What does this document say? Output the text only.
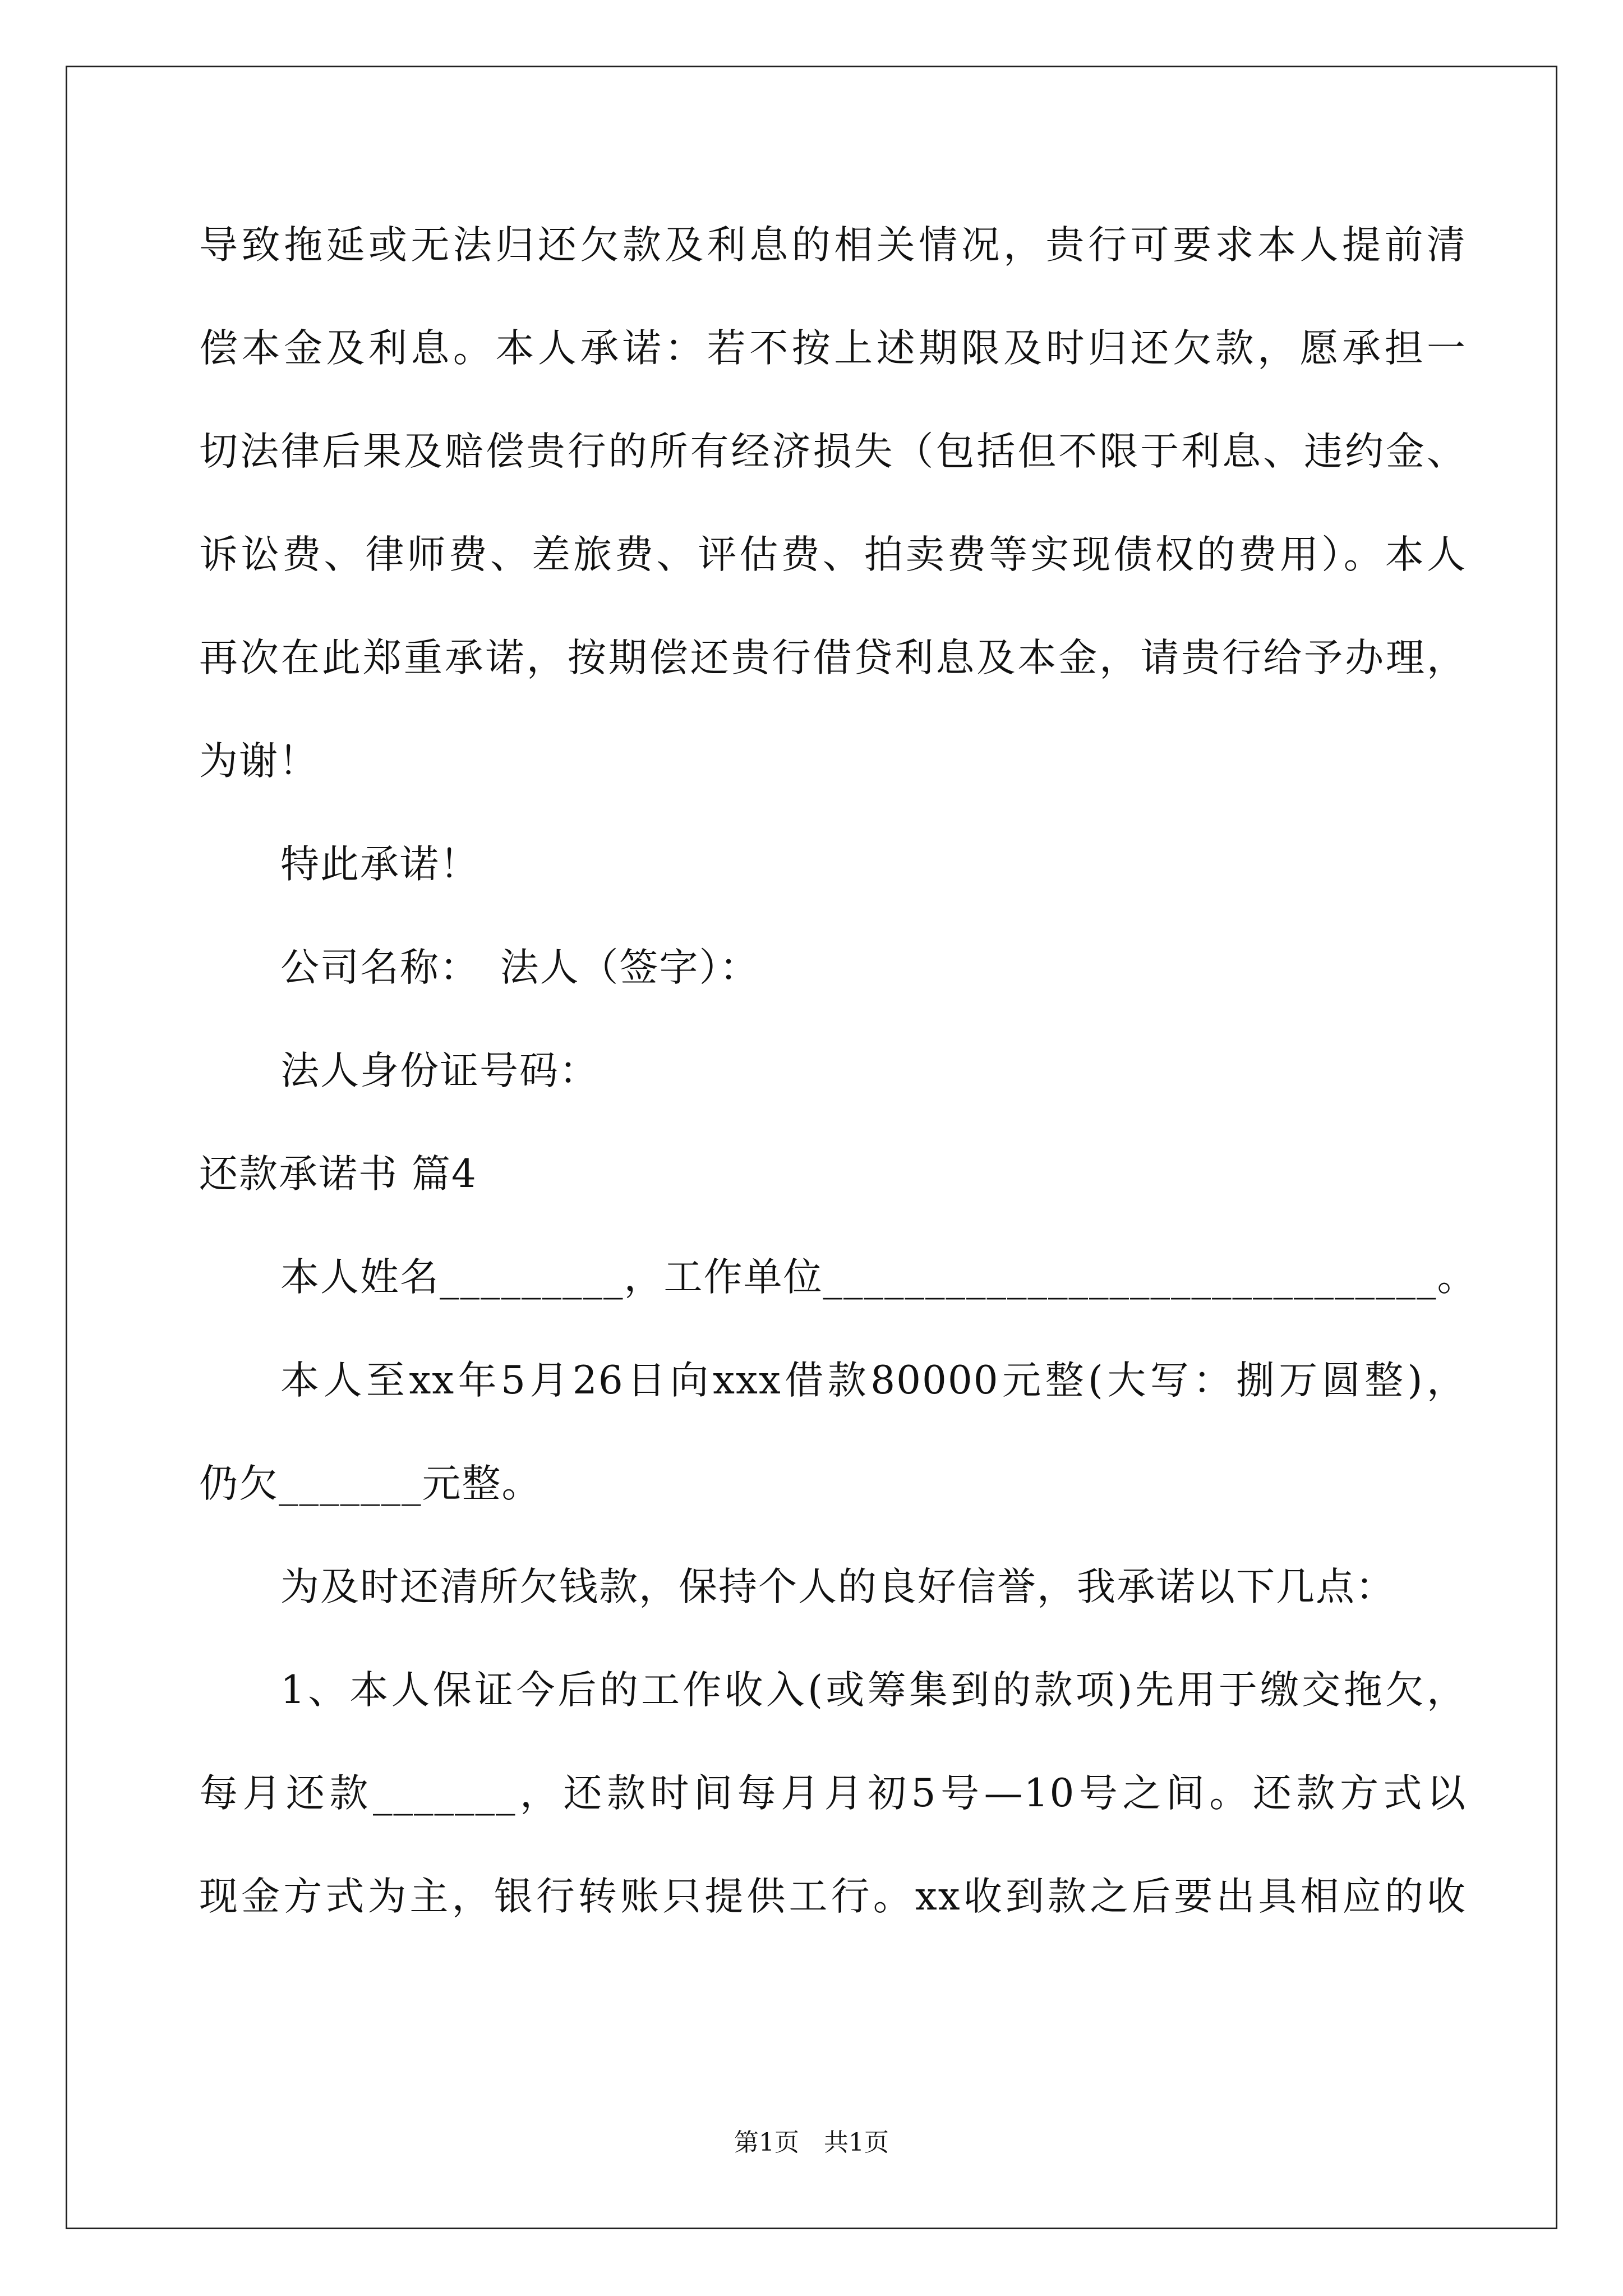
导致拖延或无法归还欠款及利息的相关情况，贵行可要求本人提前清
偿本金及利息。本人承诺：若不按上述期限及时归还欠款，愿承担一
切法律后果及赔偿贵行的所有经济损失（包括但不限于利息、违约金、
诉讼费、律师费、差旅费、评估费、拍卖费等实现债权的费用）。本人
再次在此郑重承诺，按期偿还贵行借贷利息及本金，请贵行给予办理，
为谢！
特此承诺！
公司名称：　法人（签字）：
法人身份证号码：
还款承诺书 篇4
本人姓名_________，工作单位______________________________。
本人至xx年5月26日向xxx借款80000元整(大写：捌万圆整)，
仍欠_______元整。
为及时还清所欠钱款，保持个人的良好信誉，我承诺以下几点：
1、本人保证今后的工作收入(或筹集到的款项)先用于缴交拖欠，
每月还款_______，还款时间每月月初5号—10号之间。还款方式以
现金方式为主，银行转账只提供工行。xx收到款之后要出具相应的收
第1页　共1页
